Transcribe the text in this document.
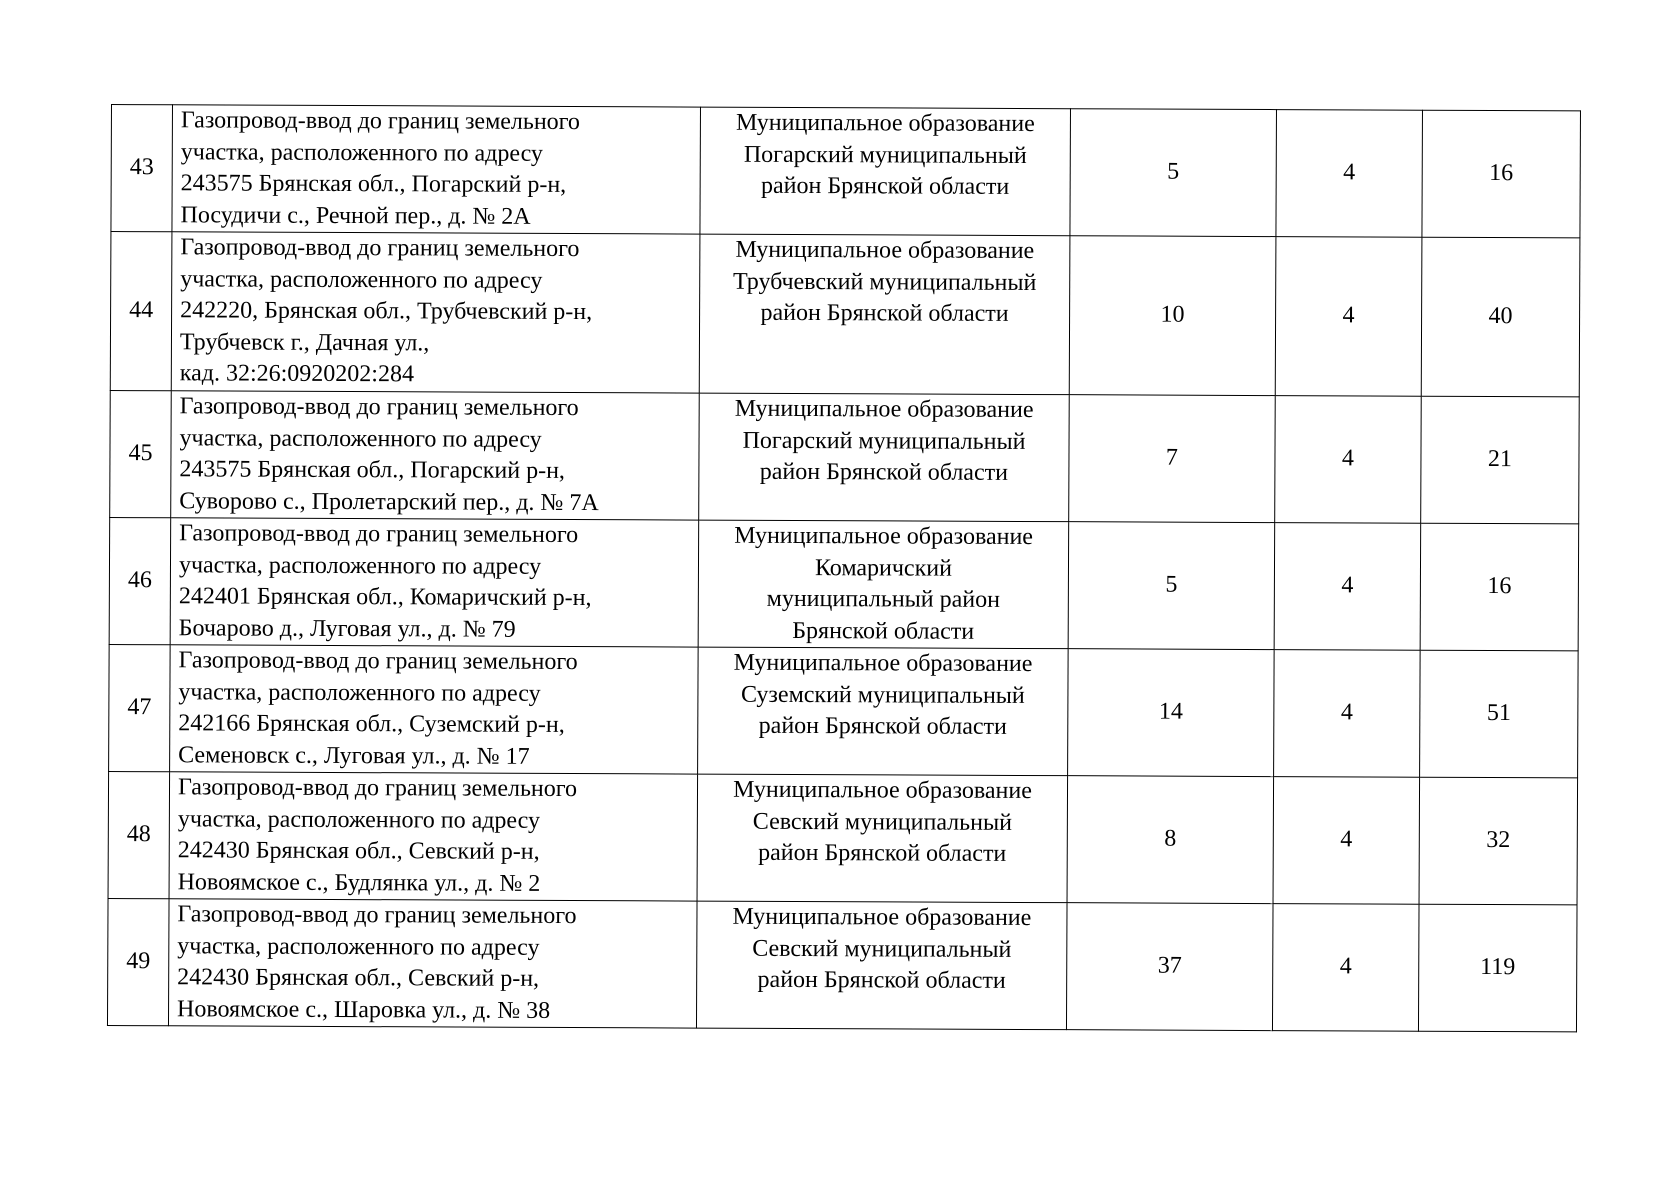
43	Газопровод-ввод до границ земельного
участка, расположенного по адресу
243575 Брянская обл., Погарский р-н,
Посудичи с., Речной пер., д. № 2А	Муниципальное образование
Погарский муниципальный
район Брянской области	5	4	16
44	Газопровод-ввод до границ земельного
участка, расположенного по адресу
242220, Брянская обл., Трубчевский р-н,
Трубчевск г., Дачная ул.,
кад. 32:26:0920202:284	Муниципальное образование
Трубчевский муниципальный
район Брянской области	10	4	40
45	Газопровод-ввод до границ земельного
участка, расположенного по адресу
243575 Брянская обл., Погарский р-н,
Суворово с., Пролетарский пер., д. № 7А	Муниципальное образование
Погарский муниципальный
район Брянской области	7	4	21
46	Газопровод-ввод до границ земельного
участка, расположенного по адресу
242401 Брянская обл., Комаричский р-н,
Бочарово д., Луговая ул., д. № 79	Муниципальное образование
Комаричский
муниципальный район
Брянской области	5	4	16
47	Газопровод-ввод до границ земельного
участка, расположенного по адресу
242166 Брянская обл., Суземский р-н,
Семеновск с., Луговая ул., д. № 17	Муниципальное образование
Суземский муниципальный
район Брянской области	14	4	51
48	Газопровод-ввод до границ земельного
участка, расположенного по адресу
242430 Брянская обл., Севский р-н,
Новоямское с., Будлянка ул., д. № 2	Муниципальное образование
Севский муниципальный
район Брянской области	8	4	32
49	Газопровод-ввод до границ земельного
участка, расположенного по адресу
242430 Брянская обл., Севский р-н,
Новоямское с., Шаровка ул., д. № 38	Муниципальное образование
Севский муниципальный
район Брянской области	37	4	119
